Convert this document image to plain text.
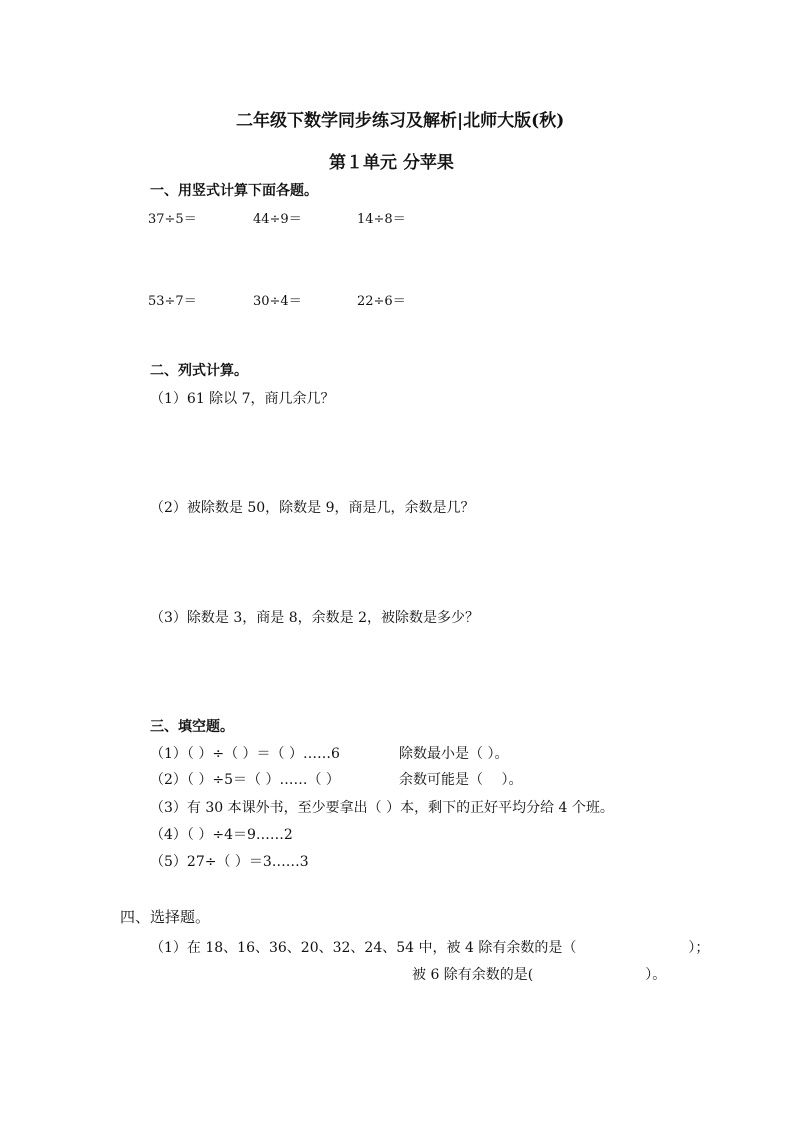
二年级下数学同步练习及解析|北师大版(秋)
第１单元 分苹果
一、用竖式计算下面各题。
37÷5＝	44÷9＝	14÷8＝
53÷7＝	30÷4＝	22÷6＝
二、列式计算。
（1）61 除以 7，商几余几？
（2）被除数是 50，除数是 9，商是几，余数是几？
（3）除数是 3，商是 8，余数是 2，被除数是多少？
三、填空题。
（1）（ ）÷（ ）＝（ ）……6	除数最小是（ ）。
（2）（ ）÷5＝（ ）……（ ）	余数可能是（　 ）。
（3）有 30 本课外书，至少要拿出（ ）本，剩下的正好平均分给 4 个班。
（4）（ ）÷4＝9……2
（5）27÷（ ）＝3……3
四、选择题。
（1）在 18、16、36、20、32、24、54 中，被 4 除有余数的是（　　　　　　　　）；
被 6 除有余数的是(　　　　　　　　）。
